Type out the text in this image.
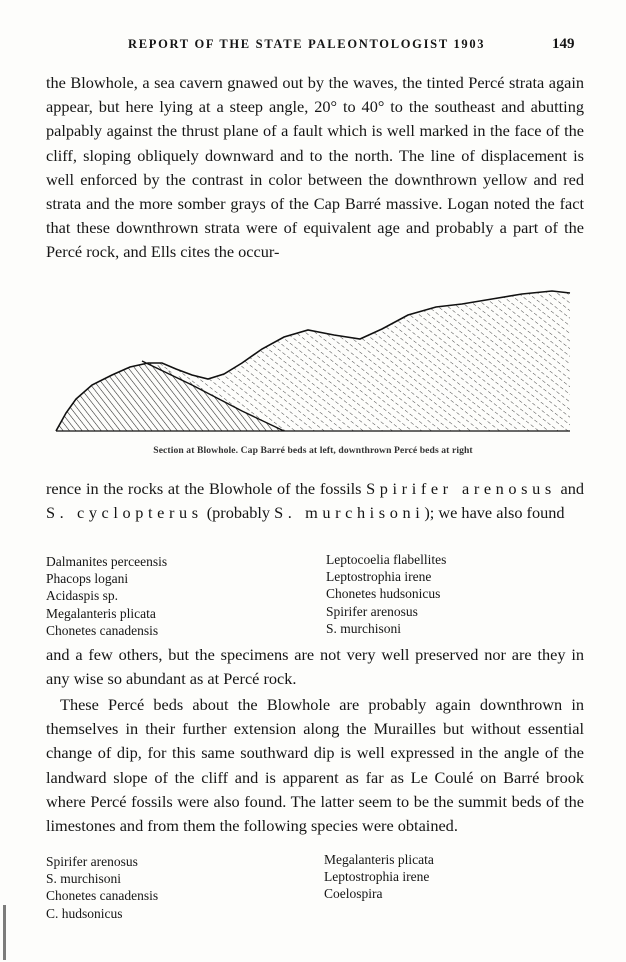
REPORT OF THE STATE PALEONTOLOGIST 1903	149

the Blowhole, a sea cavern gnawed out by the waves, the tinted Percé strata again appear, but here lying at a steep angle, 20° to 40° to the southeast and abutting palpably against the thrust plane of a fault which is well marked in the face of the cliff, sloping obliquely downward and to the north. The line of displacement is well enforced by the contrast in color between the downthrown yellow and red strata and the more somber grays of the Cap Barré massive. Logan noted the fact that these downthrown strata were of equivalent age and probably a part of the Percé rock, and Ells cites the occur-

Section at Blowhole. Cap Barré beds at left, downthrown Percé beds at right

rence in the rocks at the Blowhole of the fossils Spirifer arenosus and S. cyclopterus (probably S. murchisoni); we have also found

Dalmanites perceensis
Phacops logani
Acidaspis sp.
Megalanteris plicata
Chonetes canadensis
Leptocoelia flabellites
Leptostrophia irene
Chonetes hudsonicus
Spirifer arenosus
S. murchisoni

and a few others, but the specimens are not very well preserved nor are they in any wise so abundant as at Percé rock.

These Percé beds about the Blowhole are probably again downthrown in themselves in their further extension along the Murailles but without essential change of dip, for this same southward dip is well expressed in the angle of the landward slope of the cliff and is apparent as far as Le Coulé on Barré brook where Percé fossils were also found. The latter seem to be the summit beds of the limestones and from them the following species were obtained.

Spirifer arenosus
S. murchisoni
Chonetes canadensis
C. hudsonicus
Megalanteris plicata
Leptostrophia irene
Coelospira
